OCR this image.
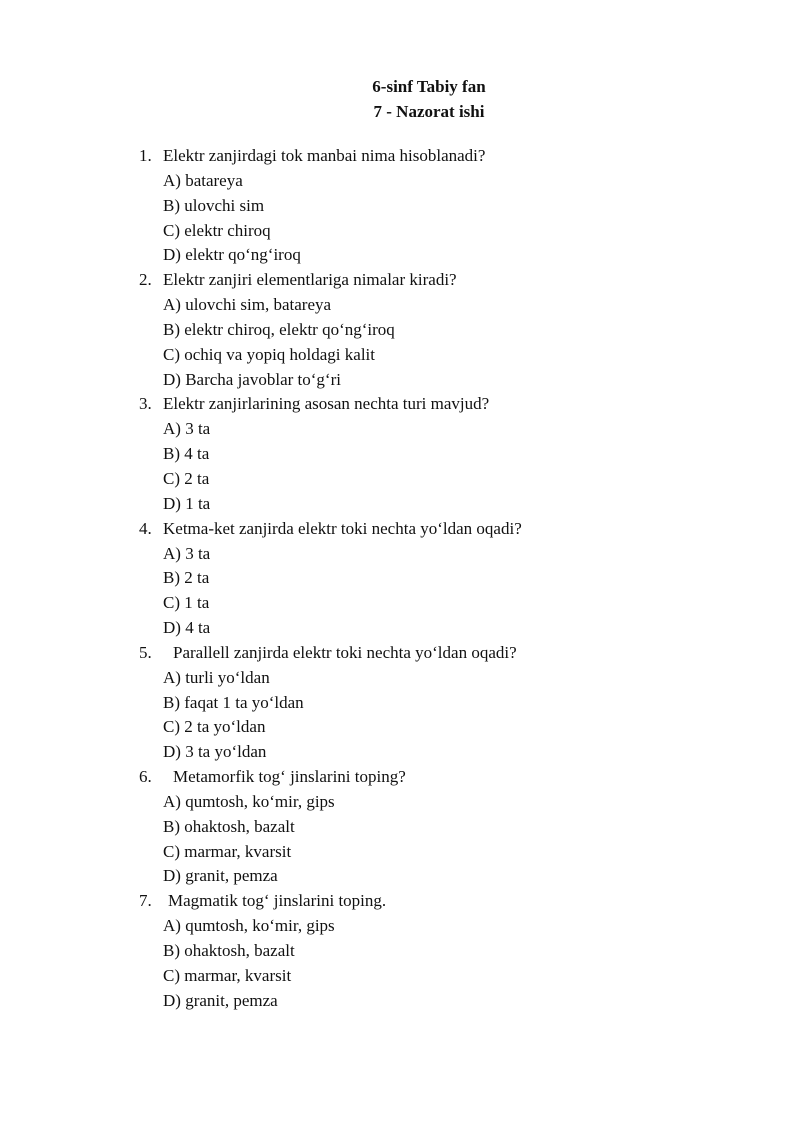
6-sinf Tabiy fan
7 - Nazorat ishi
1. Elektr zanjirdagi tok manbai nima hisoblanadi?
A) batareya
B) ulovchi sim
C) elektr chiroq
D) elektr qo‘ng‘iroq
2. Elektr zanjiri elementlariga nimalar kiradi?
A) ulovchi sim, batareya
B) elektr chiroq, elektr qo‘ng‘iroq
C) ochiq va yopiq holdagi kalit
D) Barcha javoblar to‘g‘ri
3. Elektr zanjirlarining asosan nechta turi mavjud?
A) 3 ta
B) 4 ta
C) 2 ta
D) 1 ta
4. Ketma-ket zanjirda elektr toki nechta yo‘ldan oqadi?
A) 3 ta
B) 2 ta
C) 1 ta
D) 4 ta
5. Parallell zanjirda elektr toki nechta yo‘ldan oqadi?
A) turli yo‘ldan
B) faqat 1 ta yo‘ldan
C) 2 ta yo‘ldan
D) 3 ta yo‘ldan
6. Metamorfik tog‘ jinslarini toping?
A) qumtosh, ko‘mir, gips
B) ohaktosh, bazalt
C) marmar, kvarsit
D) granit, pemza
7. Magmatik tog‘ jinslarini toping.
A) qumtosh, ko‘mir, gips
B) ohaktosh, bazalt
C) marmar, kvarsit
D) granit, pemza
